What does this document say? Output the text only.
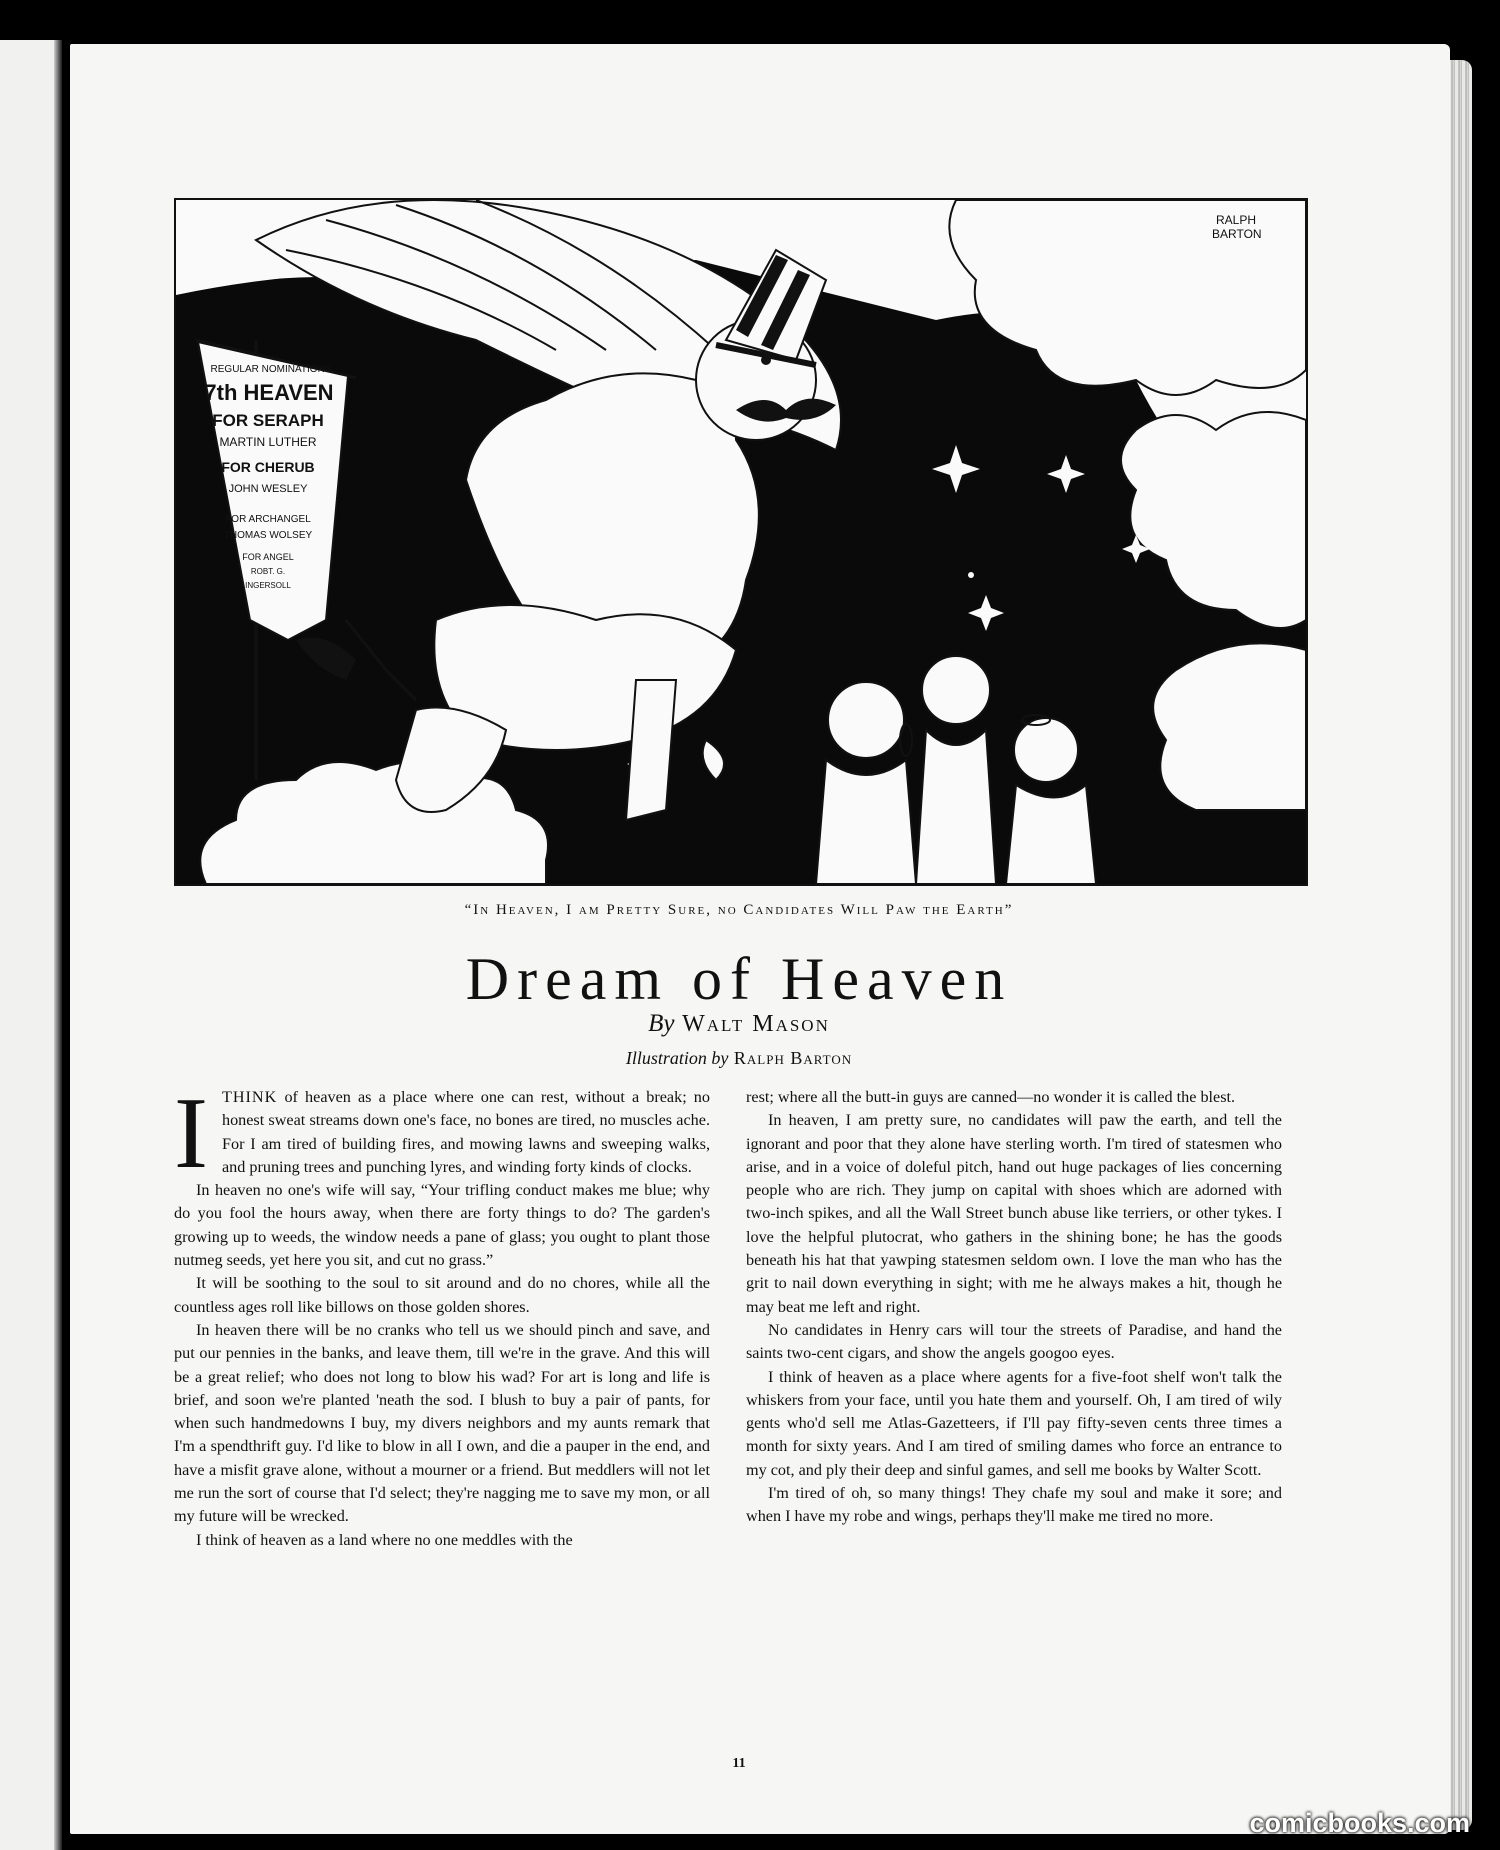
REGULAR NOMINATIONS
7th HEAVEN
FOR SERAPH
MARTIN LUTHER
FOR CHERUB
JOHN WESLEY
FOR ARCHANGEL
THOMAS WOLSEY
FOR ANGEL
ROBT. G.
INGERSOLL
RALPH
BARTON
“In Heaven, I am Pretty Sure, no Candidates Will Paw the Earth”
Dream of Heaven
By Walt Mason
Illustration by Ralph Barton

ITHINK of heaven as a place where one can rest, without a break; no honest sweat streams down one's face, no bones are tired, no muscles ache. For I am tired of building fires, and mowing lawns and sweeping walks, and pruning trees and punching lyres, and winding forty kinds of clocks.

In heaven no one's wife will say, “Your trifling conduct makes me blue; why do you fool the hours away, when there are forty things to do? The garden's growing up to weeds, the window needs a pane of glass; you ought to plant those nutmeg seeds, yet here you sit, and cut no grass.”

It will be soothing to the soul to sit around and do no chores, while all the countless ages roll like billows on those golden shores.

In heaven there will be no cranks who tell us we should pinch and save, and put our pennies in the banks, and leave them, till we're in the grave. And this will be a great relief; who does not long to blow his wad? For art is long and life is brief, and soon we're planted 'neath the sod. I blush to buy a pair of pants, for when such handmedowns I buy, my divers neighbors and my aunts remark that I'm a spendthrift guy. I'd like to blow in all I own, and die a pauper in the end, and have a misfit grave alone, without a mourner or a friend. But meddlers will not let me run the sort of course that I'd select; they're nagging me to save my mon, or all my future will be wrecked.

I think of heaven as a land where no one meddles with the

rest; where all the butt-in guys are canned—no wonder it is called the blest.

In heaven, I am pretty sure, no candidates will paw the earth, and tell the ignorant and poor that they alone have sterling worth. I'm tired of statesmen who arise, and in a voice of doleful pitch, hand out huge packages of lies concerning people who are rich. They jump on capital with shoes which are adorned with two-inch spikes, and all the Wall Street bunch abuse like terriers, or other tykes. I love the helpful plutocrat, who gathers in the shining bone; he has the goods beneath his hat that yawping statesmen seldom own. I love the man who has the grit to nail down everything in sight; with me he always makes a hit, though he may beat me left and right.

No candidates in Henry cars will tour the streets of Paradise, and hand the saints two-cent cigars, and show the angels googoo eyes.

I think of heaven as a place where agents for a five-foot shelf won't talk the whiskers from your face, until you hate them and yourself. Oh, I am tired of wily gents who'd sell me Atlas-Gazetteers, if I'll pay fifty-seven cents three times a month for sixty years. And I am tired of smiling dames who force an entrance to my cot, and ply their deep and sinful games, and sell me books by Walter Scott.

I'm tired of oh, so many things! They chafe my soul and make it sore; and when I have my robe and wings, perhaps they'll make me tired no more.

11
comicbooks.com
